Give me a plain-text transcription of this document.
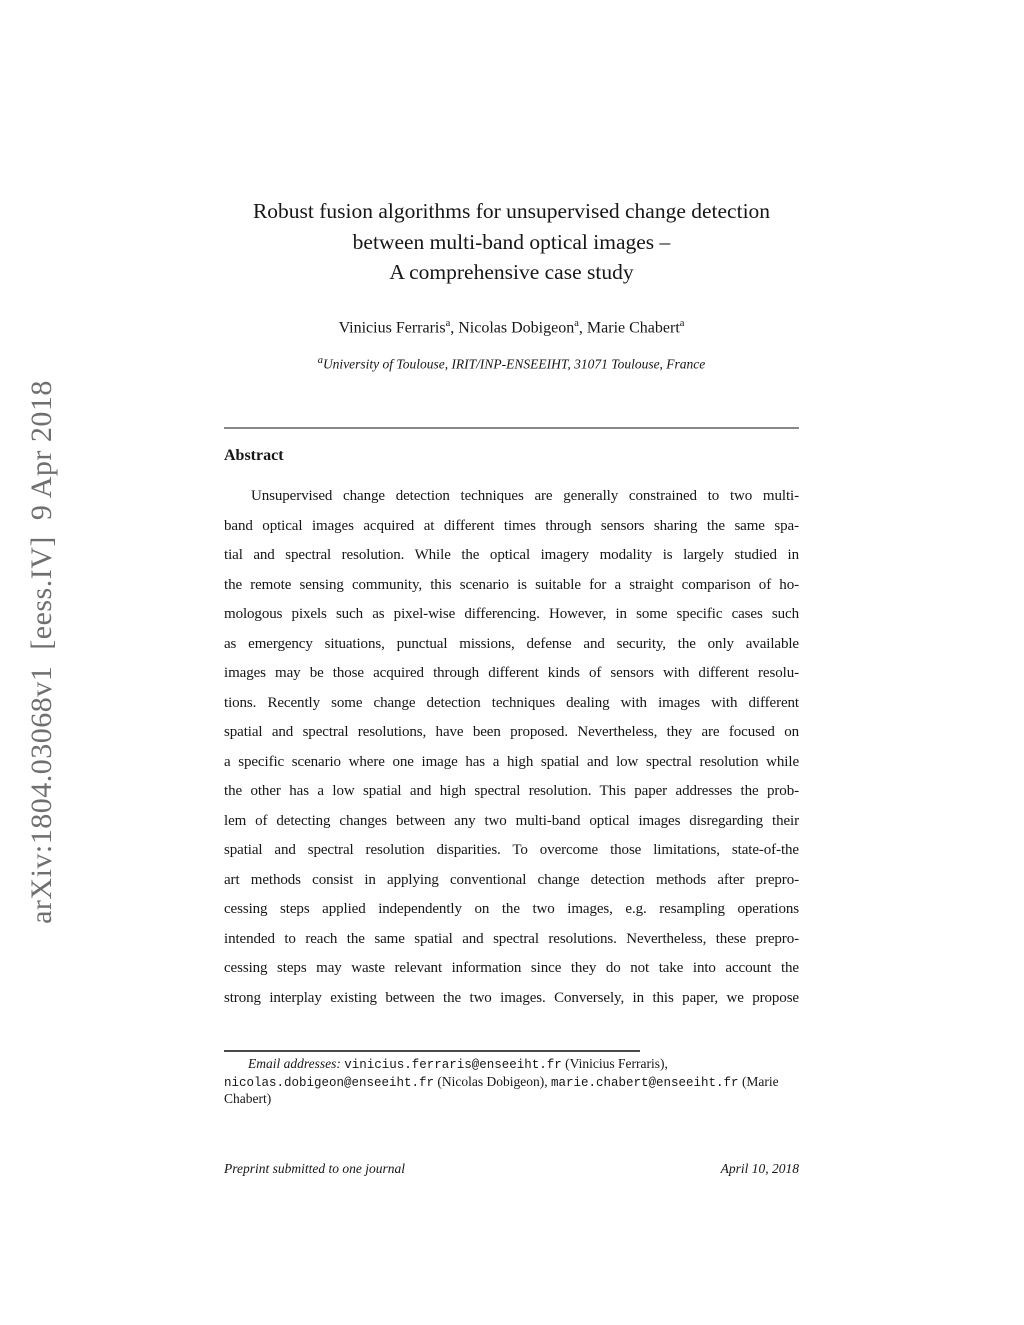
arXiv:1804.03068v1  [eess.IV]  9 Apr 2018
Robust fusion algorithms for unsupervised change detection
between multi-band optical images –
A comprehensive case study
Vinicius Ferraris$^a$, Nicolas Dobigeon$^a$, Marie Chabert$^a$
$^a$University of Toulouse, IRIT/INP-ENSEEIHT, 31071 Toulouse, France
Abstract
Unsupervised change detection techniques are generally constrained to two multi-
band optical images acquired at different times through sensors sharing the same spa-
tial and spectral resolution. While the optical imagery modality is largely studied in
the remote sensing community, this scenario is suitable for a straight comparison of ho-
mologous pixels such as pixel-wise differencing. However, in some specific cases such
as emergency situations, punctual missions, defense and security, the only available
images may be those acquired through different kinds of sensors with different resolu-
tions. Recently some change detection techniques dealing with images with different
spatial and spectral resolutions, have been proposed. Nevertheless, they are focused on
a specific scenario where one image has a high spatial and low spectral resolution while
the other has a low spatial and high spectral resolution. This paper addresses the prob-
lem of detecting changes between any two multi-band optical images disregarding their
spatial and spectral resolution disparities. To overcome those limitations, state-of-the
art methods consist in applying conventional change detection methods after prepro-
cessing steps applied independently on the two images, e.g. resampling operations
intended to reach the same spatial and spectral resolutions. Nevertheless, these prepro-
cessing steps may waste relevant information since they do not take into account the
strong interplay existing between the two images. Conversely, in this paper, we propose

Email addresses: vinicius.ferraris@enseeiht.fr (Vinicius Ferraris), nicolas.dobigeon@enseeiht.fr (Nicolas Dobigeon), marie.chabert@enseeiht.fr (Marie Chabert)

Preprint submitted to one journal	April 10, 2018
